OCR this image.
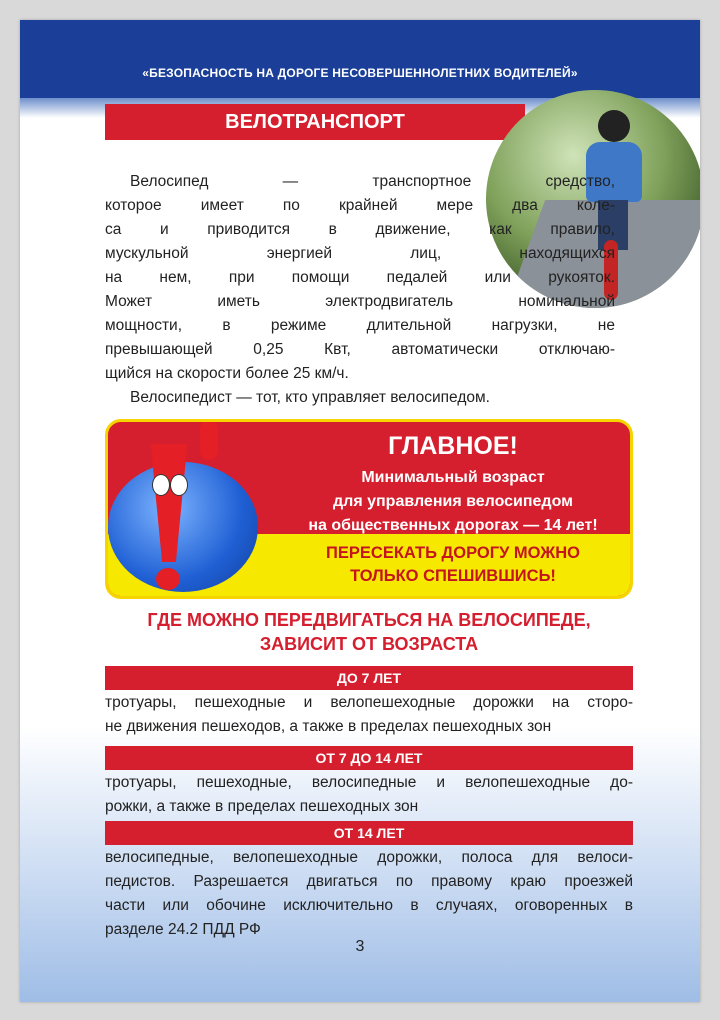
«БЕЗОПАСНОСТЬ НА ДОРОГЕ НЕСОВЕРШЕННОЛЕТНИХ ВОДИТЕЛЕЙ»
ВЕЛОТРАНСПОРТ
Велосипед — транспортное средство,
которое имеет по крайней мере два коле-
са и приводится в движение, как правило,
мускульной энергией лиц, находящихся
на нем, при помощи педалей или рукояток.
Может иметь электродвигатель номинальной
мощности, в режиме длительной нагрузки, не
превышающей 0,25 Квт, автоматически отключаю-
щийся на скорости более 25 км/ч.
Велосипедист — тот, кто управляет велосипедом.
ГЛАВНОЕ!
Минимальный возраст
для управления велосипедом
на общественных дорогах — 14 лет!
ПЕРЕСЕКАТЬ ДОРОГУ МОЖНО
ТОЛЬКО СПЕШИВШИСЬ!
ГДЕ МОЖНО ПЕРЕДВИГАТЬСЯ НА ВЕЛОСИПЕДЕ,
ЗАВИСИТ ОТ ВОЗРАСТА
ДО 7 ЛЕТ
тротуары, пешеходные и велопешеходные дорожки на сторо-
не движения пешеходов, а также в пределах пешеходных зон
ОТ 7 ДО 14 ЛЕТ
тротуары, пешеходные, велосипедные и велопешеходные до-
рожки, а также в пределах пешеходных зон
ОТ 14 ЛЕТ
велосипедные, велопешеходные дорожки, полоса для велоси-
педистов. Разрешается двигаться по правому краю проезжей
части или обочине исключительно в случаях, оговоренных в
разделе 24.2 ПДД РФ
3
